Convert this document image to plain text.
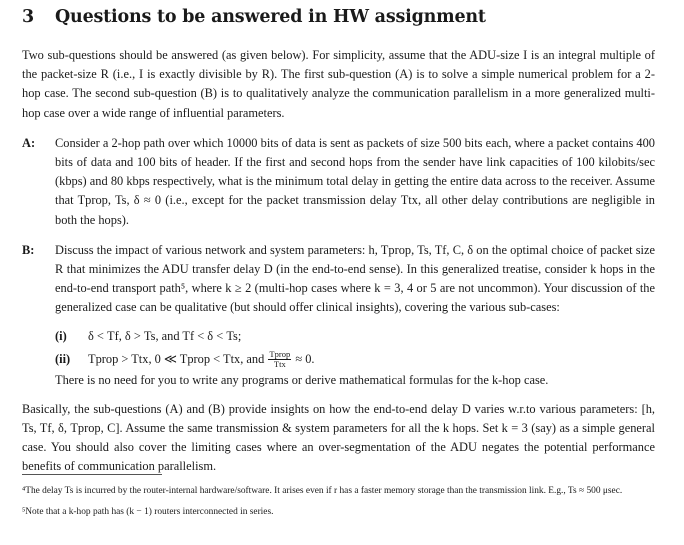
3 Questions to be answered in HW assignment

Two sub-questions should be answered (as given below). For simplicity, assume that the ADU-size I is an integral multiple of the packet-size R (i.e., I is exactly divisible by R). The first sub-question (A) is to solve a simple numerical problem for a 2-hop case. The second sub-question (B) is to qualitatively analyze the communication parallelism in a more generalized multi-hop case over a wide range of influential parameters.

A:	Consider a 2-hop path over which 10000 bits of data is sent as packets of size 500 bits each, where a packet contains 400 bits of data and 100 bits of header. If the first and second hops from the sender have link capacities of 100 kilobits/sec (kbps) and 80 kbps respectively, what is the minimum total delay in getting the entire data across to the receiver. Assume that Tprop, Ts, δ ≈ 0 (i.e., except for the packet transmission delay Ttx, all other delay contributions are negligible in both the hops).

B:	Discuss the impact of various network and system parameters: h, Tprop, Ts, Tf, C, δ on the optimal choice of packet size R that minimizes the ADU transfer delay D (in the end-to-end sense). In this generalized treatise, consider k hops in the end-to-end transport path⁵, where k ≥ 2 (multi-hop cases where k = 3, 4 or 5 are not uncommon). Your discussion of the generalized case can be qualitative (but should offer clinical insights), covering the various sub-cases:

(i)	δ < Tf, δ > Ts, and Tf < δ < Ts;
(ii)	Tprop > Ttx, 0 ≪ Tprop < Ttx, and $\frac{\text{Tprop}}{\text{Ttx}} \approx 0$.

There is no need for you to write any programs or derive mathematical formulas for the k-hop case.

Basically, the sub-questions (A) and (B) provide insights on how the end-to-end delay D varies w.r.to various parameters: [h, Ts, Tf, δ, Tprop, C]. Assume the same transmission & system parameters for all the k hops. Set k = 3 (say) as a simple general case. You should also cover the limiting cases where an over-segmentation of the ADU negates the potential performance benefits of communication parallelism.

⁴The delay Ts is incurred by the router-internal hardware/software. It arises even if r has a faster memory storage than the transmission link. E.g., Ts ≈ 500 μsec.

⁵Note that a k-hop path has (k − 1) routers interconnected in series.
